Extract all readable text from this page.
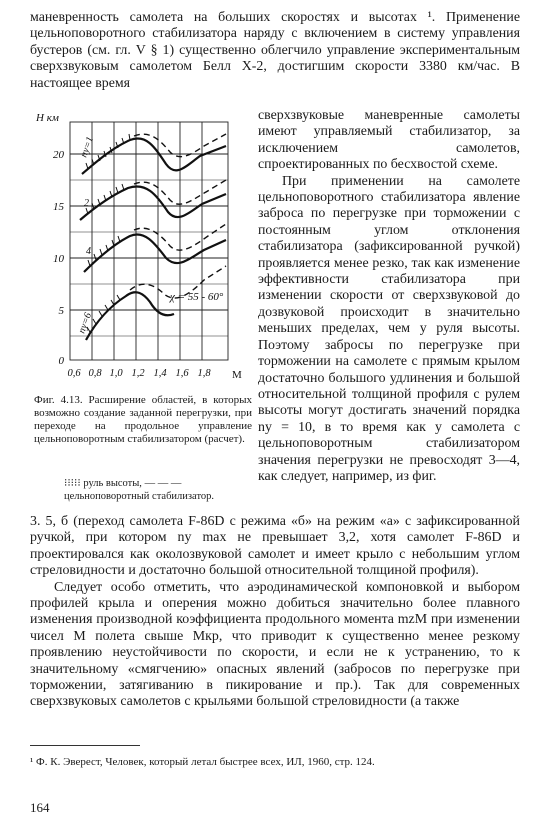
маневренность самолета на больших скоростях и высотах ¹. Применение цельноповоротного стабилизатора наряду с включением в систему управления бустеров (см. гл. V § 1) существенно облегчило управление экспериментальным сверхзвуковым самолетом Белл X-2, достигшим скорости 3380 км/час. В настоящее время

H км
M
0
5
10
15
20
0,6 0,8 1,0 1,2 1,4 1,6 1,8
ny=1
2
4
ny=6
χ = 55 - 60°
Фиг. 4.13. Расширение областей, в которых возможно создание заданной перегрузки, при переходе на продольное управление цельноповоротным стабилизатором (расчет).
⁝⁝⁝⁝⁝ руль высоты, — — — цельноповоротный стабилизатор.

сверхзвуковые маневренные самолеты имеют управляемый стабилизатор, за исключением самолетов, спроектированных по бесхвостой схеме.

При применении на самолете цельноповоротного стабилизатора явление заброса по перегрузке при торможении с постоянным углом отклонения стабилизатора (зафиксированной ручкой) проявляется менее резко, так как изменение эффективности стабилизатора при изменении скорости от сверхзвуковой до дозвуковой происходит в значительно меньших пределах, чем у руля высоты. Поэтому забросы по перегрузке при торможении на самолете с прямым крылом достаточно большого удлинения и большой относительной толщиной профиля с рулем высоты могут достигать значений порядка nу = 10, в то время как у самолета с цельноповоротным стабилизатором значения перегрузки не превосходят 3—4, как следует, например, из фиг.

3. 5, б (переход самолета F-86D с режима «б» на режим «а» с зафиксированной ручкой, при котором nу max не превышает 3,2, хотя самолет F-86D и проектировался как околозвуковой самолет и имеет крыло с небольшим углом стреловидности и достаточно большой относительной толщиной профиля).

Следует особо отметить, что аэродинамической компоновкой и выбором профилей крыла и оперения можно добиться значительно более плавного изменения производной коэффициента продольного момента mzM при изменении чисел M полета свыше Mкр, что приводит к существенно менее резкому проявлению неустойчивости по скорости, и если не к устранению, то к значительному «смягчению» опасных явлений (забросов по перегрузке при торможении, затягиванию в пикирование и пр.). Так для современных сверхзвуковых самолетов с крыльями большой стреловидности (а также

¹ Ф. К. Эверест, Человек, который летал быстрее всех, ИЛ, 1960, стр. 124.
164
